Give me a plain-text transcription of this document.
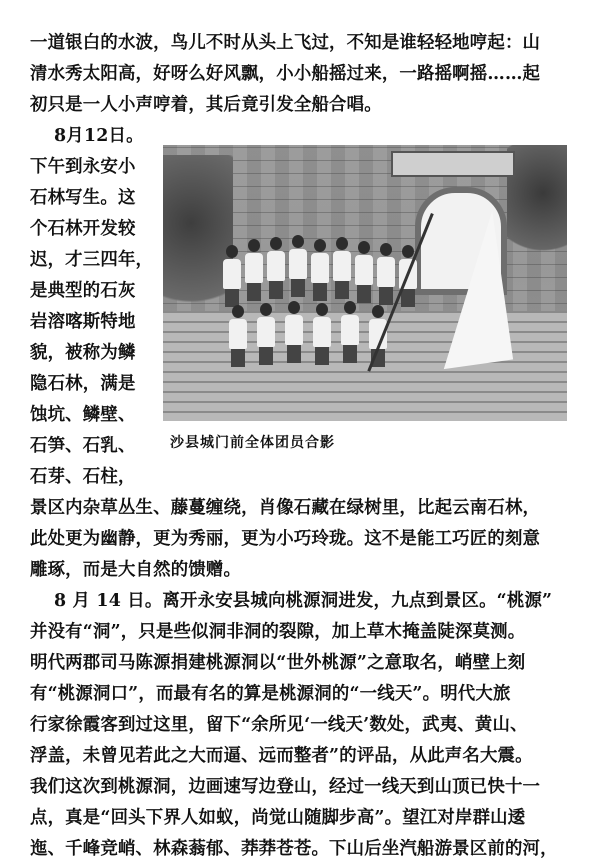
一道银白的水波，鸟儿不时从头上飞过，不知是谁轻轻地哼起：山
清水秀太阳高，好呀么好风飘，小小船摇过来，一路摇啊摇……起
初只是一人小声哼着，其后竟引发全船合唱。
8月12日。
下午到永安小
石林写生。这
个石林开发较
迟，才三四年，
是典型的石灰
岩溶喀斯特地
貌，被称为鳞
隐石林，满是
蚀坑、鳞壁、
石笋、石乳、
石芽、石柱，
沙县城门前全体团员合影
景区内杂草丛生、藤蔓缠绕，肖像石藏在绿树里，比起云南石林，
此处更为幽静，更为秀丽，更为小巧玲珑。这不是能工巧匠的刻意
雕琢，而是大自然的馈赠。
8 月 14 日。离开永安县城向桃源洞进发，九点到景区。“桃源”
并没有“洞”，只是些似洞非洞的裂隙，加上草木掩盖陡深莫测。
明代两郡司马陈源捐建桃源洞以“世外桃源”之意取名，峭壁上刻
有“桃源洞口”，而最有名的算是桃源洞的“一线天”。明代大旅
行家徐霞客到过这里，留下“余所见‘一线天’数处，武夷、黄山、
浮盖，未曾见若此之大而逼、远而整者”的评品，从此声名大震。
我们这次到桃源洞，边画速写边登山，经过一线天到山顶已快十一
点，真是“回头下界人如蚁，尚觉山随脚步高”。望江对岸群山逶
迤、千峰竞峭、林森蓊郁、莽莽苍苍。下山后坐汽船游景区前的河，
